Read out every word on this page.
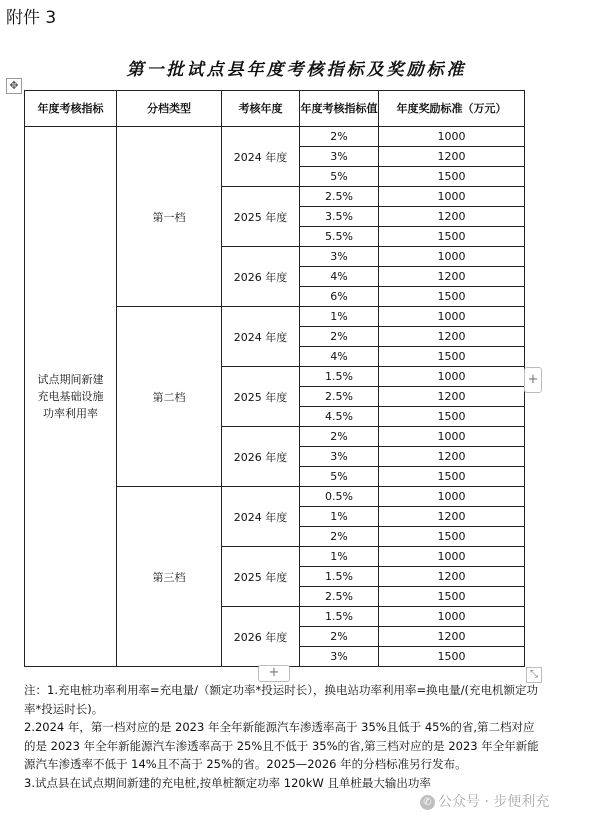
附件 3
第一批试点县年度考核指标及奖励标准
✥
年度考核指标	分档类型	考核年度	年度考核指标值	年度奖励标准（万元）
试点期间新建充电基础设施功率利用率	第一档	2024 年度	2%	1000
			3%	1200
			5%	1500
		2025 年度	2.5%	1000
			3.5%	1200
			5.5%	1500
		2026 年度	3%	1000
			4%	1200
			6%	1500
	第二档	2024 年度	1%	1000
			2%	1200
			4%	1500
		2025 年度	1.5%	1000
			2.5%	1200
			4.5%	1500
		2026 年度	2%	1000
			3%	1200
			5%	1500
	第三档	2024 年度	0.5%	1000
			1%	1200
			2%	1500
		2025 年度	1%	1000
			1.5%	1200
			2.5%	1500
		2026 年度	1.5%	1000
			2%	1200
			3%	1500
+
+	⤡

注：1.充电桩功率利用率=充电量/（额定功率*投运时长），换电站功率利用率=换电量/(充电机额定功率*投运时长)。

2.2024 年，第一档对应的是 2023 年全年新能源汽车渗透率高于 35%且低于 45%的省,第二档对应的是 2023 年全年新能源汽车渗透率高于 25%且不低于 35%的省,第三档对应的是 2023 年全年新能源汽车渗透率不低于 14%且不高于 25%的省。2025—2026 年的分档标准另行发布。

3.试点县在试点期间新建的充电桩,按单桩额定功率 120kW 且单桩最大输出功率

✆ 公众号 · 步便利充
